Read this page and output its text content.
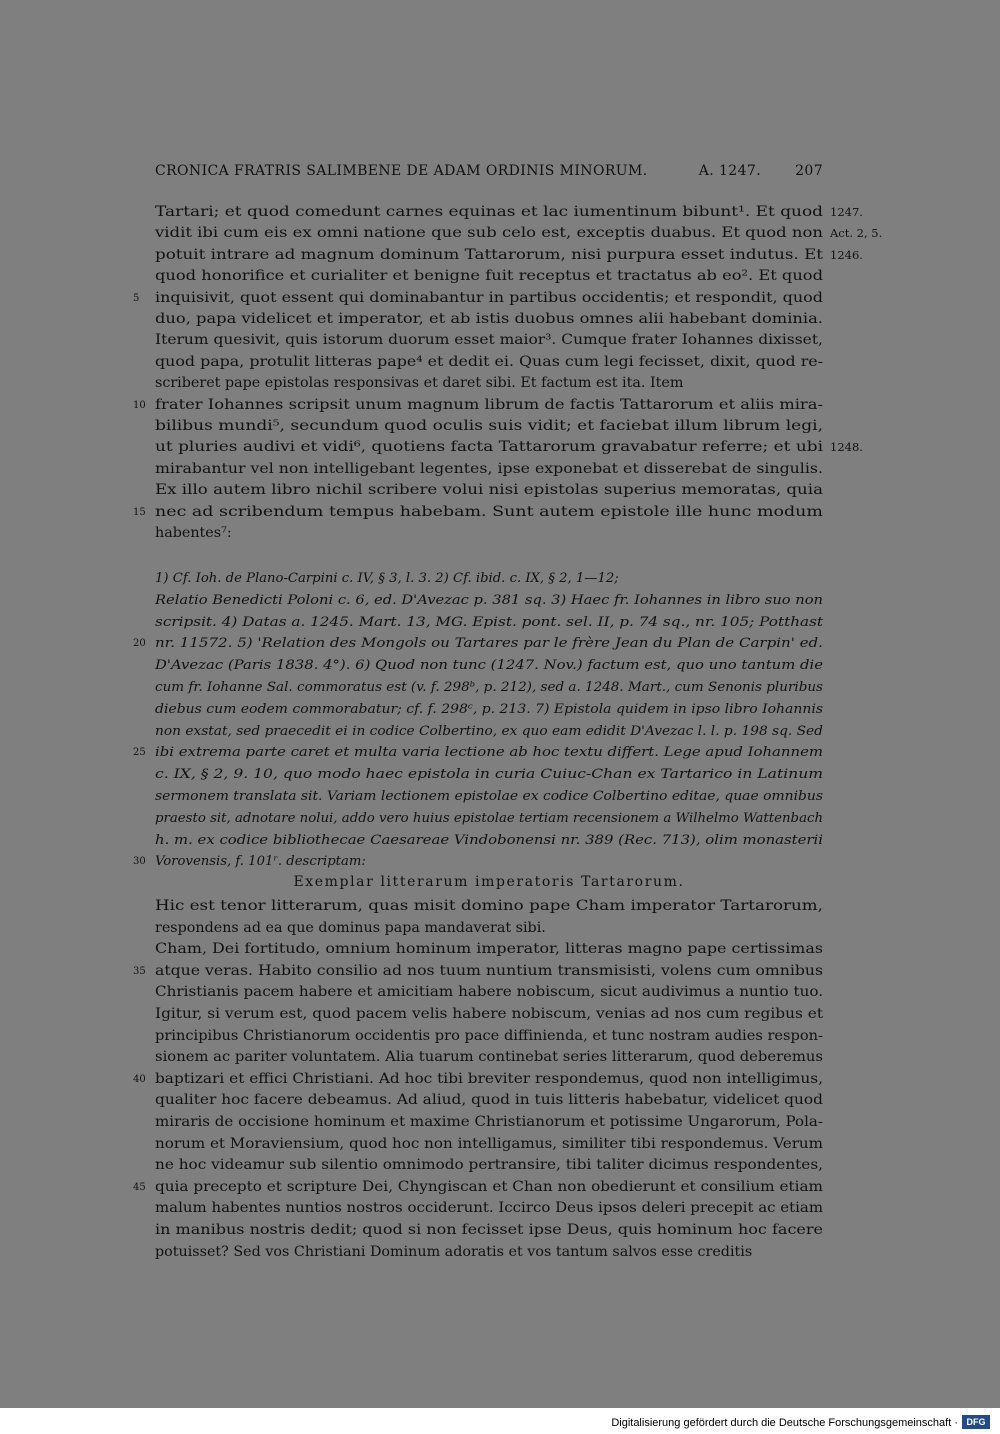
CRONICA FRATRIS SALIMBENE DE ADAM ORDINIS MINORUM.	A. 1247. 207
Tartari; et quod comedunt carnes equinas et lac iumentinum bibunt¹. Et quod 1247.
vidit ibi cum eis ex omni natione que sub celo est, exceptis duabus. Et quod non Act. 2, 5.
potuit intrare ad magnum dominum Tattarorum, nisi purpura esset indutus. Et 1246.
quod honorifice et curialiter et benigne fuit receptus et tractatus ab eo². Et quod
inquisivit, quot essent qui dominabantur in partibus occidentis; et respondit, quod
5
duo, papa videlicet et imperator, et ab istis duobus omnes alii habebant dominia.
Iterum quesivit, quis istorum duorum esset maior³. Cumque frater Iohannes dixisset,
quod papa, protulit litteras pape⁴ et dedit ei. Quas cum legi fecisset, dixit, quod re-
scriberet pape epistolas responsivas et daret sibi. Et factum est ita. Item
frater Iohannes scripsit unum magnum librum de factis Tattarorum et aliis mira-
10
bilibus mundi⁵, secundum quod oculis suis vidit; et faciebat illum librum legi,
ut pluries audivi et vidi⁶, quotiens facta Tattarorum gravabatur referre; et ubi 1248.
mirabantur vel non intelligebant legentes, ipse exponebat et disserebat de singulis.
Ex illo autem libro nichil scribere volui nisi epistolas superius memoratas, quia
nec ad scribendum tempus habebam. Sunt autem epistole ille hunc modum
15
habentes⁷:
1) Cf. Ioh. de Plano-Carpini c. IV, § 3, l. 3. 2) Cf. ibid. c. IX, § 2, 1—12;
Relatio Benedicti Poloni c. 6, ed. D'Avezac p. 381 sq. 3) Haec fr. Iohannes in libro suo non
scripsit. 4) Datas a. 1245. Mart. 13, MG. Epist. pont. sel. II, p. 74 sq., nr. 105; Potthast
nr. 11572. 5) 'Relation des Mongols ou Tartares par le frère Jean du Plan de Carpin' ed.
20
D'Avezac (Paris 1838. 4°). 6) Quod non tunc (1247. Nov.) factum est, quo uno tantum die
cum fr. Iohanne Sal. commoratus est (v. f. 298ᵇ, p. 212), sed a. 1248. Mart., cum Senonis pluribus
diebus cum eodem commorabatur; cf. f. 298ᶜ, p. 213. 7) Epistola quidem in ipso libro Iohannis
non exstat, sed praecedit ei in codice Colbertino, ex quo eam edidit D'Avezac l. l. p. 198 sq. Sed
ibi extrema parte caret et multa varia lectione ab hoc textu differt. Lege apud Iohannem
25
c. IX, § 2, 9. 10, quo modo haec epistola in curia Cuiuc-Chan ex Tartarico in Latinum
sermonem translata sit. Variam lectionem epistolae ex codice Colbertino editae, quae omnibus
praesto sit, adnotare nolui, addo vero huius epistolae tertiam recensionem a Wilhelmo Wattenbach
h. m. ex codice bibliothecae Caesareae Vindobonensi nr. 389 (Rec. 713), olim monasterii
Vorovensis, f. 101ʳ. descriptam:
30
Exemplar litterarum imperatoris Tartarorum.
Hic est tenor litterarum, quas misit domino pape Cham imperator Tartarorum,
respondens ad ea que dominus papa mandaverat sibi.
Cham, Dei fortitudo, omnium hominum imperator, litteras magno pape certissimas
atque veras. Habito consilio ad nos tuum nuntium transmisisti, volens cum omnibus
35
Christianis pacem habere et amicitiam habere nobiscum, sicut audivimus a nuntio tuo.
Igitur, si verum est, quod pacem velis habere nobiscum, venias ad nos cum regibus et
principibus Christianorum occidentis pro pace diffinienda, et tunc nostram audies respon-
sionem ac pariter voluntatem. Alia tuarum continebat series litterarum, quod deberemus
baptizari et effici Christiani. Ad hoc tibi breviter respondemus, quod non intelligimus,
40
qualiter hoc facere debeamus. Ad aliud, quod in tuis litteris habebatur, videlicet quod
miraris de occisione hominum et maxime Christianorum et potissime Ungarorum, Pola-
norum et Moraviensium, quod hoc non intelligamus, similiter tibi respondemus. Verum
ne hoc videamur sub silentio omnimodo pertransire, tibi taliter dicimus respondentes,
quia precepto et scripture Dei, Chyngiscan et Chan non obedierunt et consilium etiam
45
malum habentes nuntios nostros occiderunt. Iccirco Deus ipsos deleri precepit ac etiam
in manibus nostris dedit; quod si non fecisset ipse Deus, quis hominum hoc facere
potuisset? Sed vos Christiani Dominum adoratis et vos tantum salvos esse creditis
Digitalisierung gefördert durch die Deutsche Forschungsgemeinschaft · DFG
